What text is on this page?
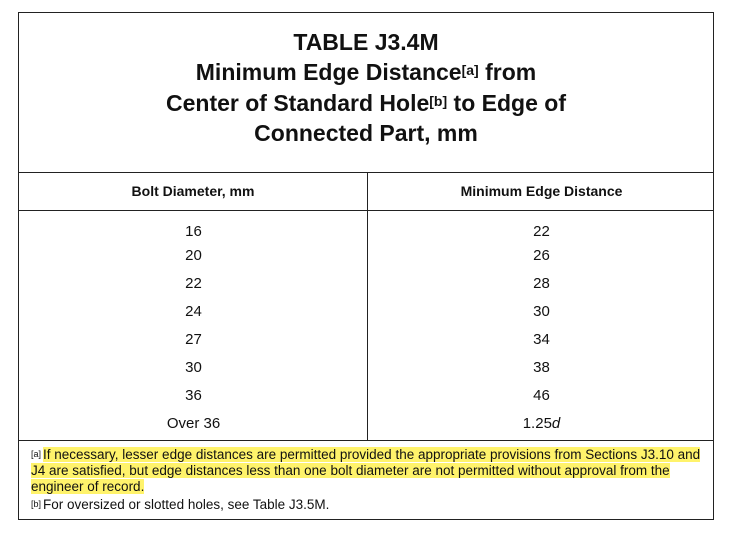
TABLE J3.4M
Minimum Edge Distance[a] from
Center of Standard Hole[b] to Edge of
Connected Part, mm
Bolt Diameter, mm	Minimum Edge Distance
16	22
20	26
22	28
24	30
27	34
30	38
36	46
Over 36	1.25d
[a] If necessary, lesser edge distances are permitted provided the appropriate provisions from Sections J3.10 and J4 are satisfied, but edge distances less than one bolt diameter are not permitted without approval from the engineer of record.
[b] For oversized or slotted holes, see Table J3.5M.
